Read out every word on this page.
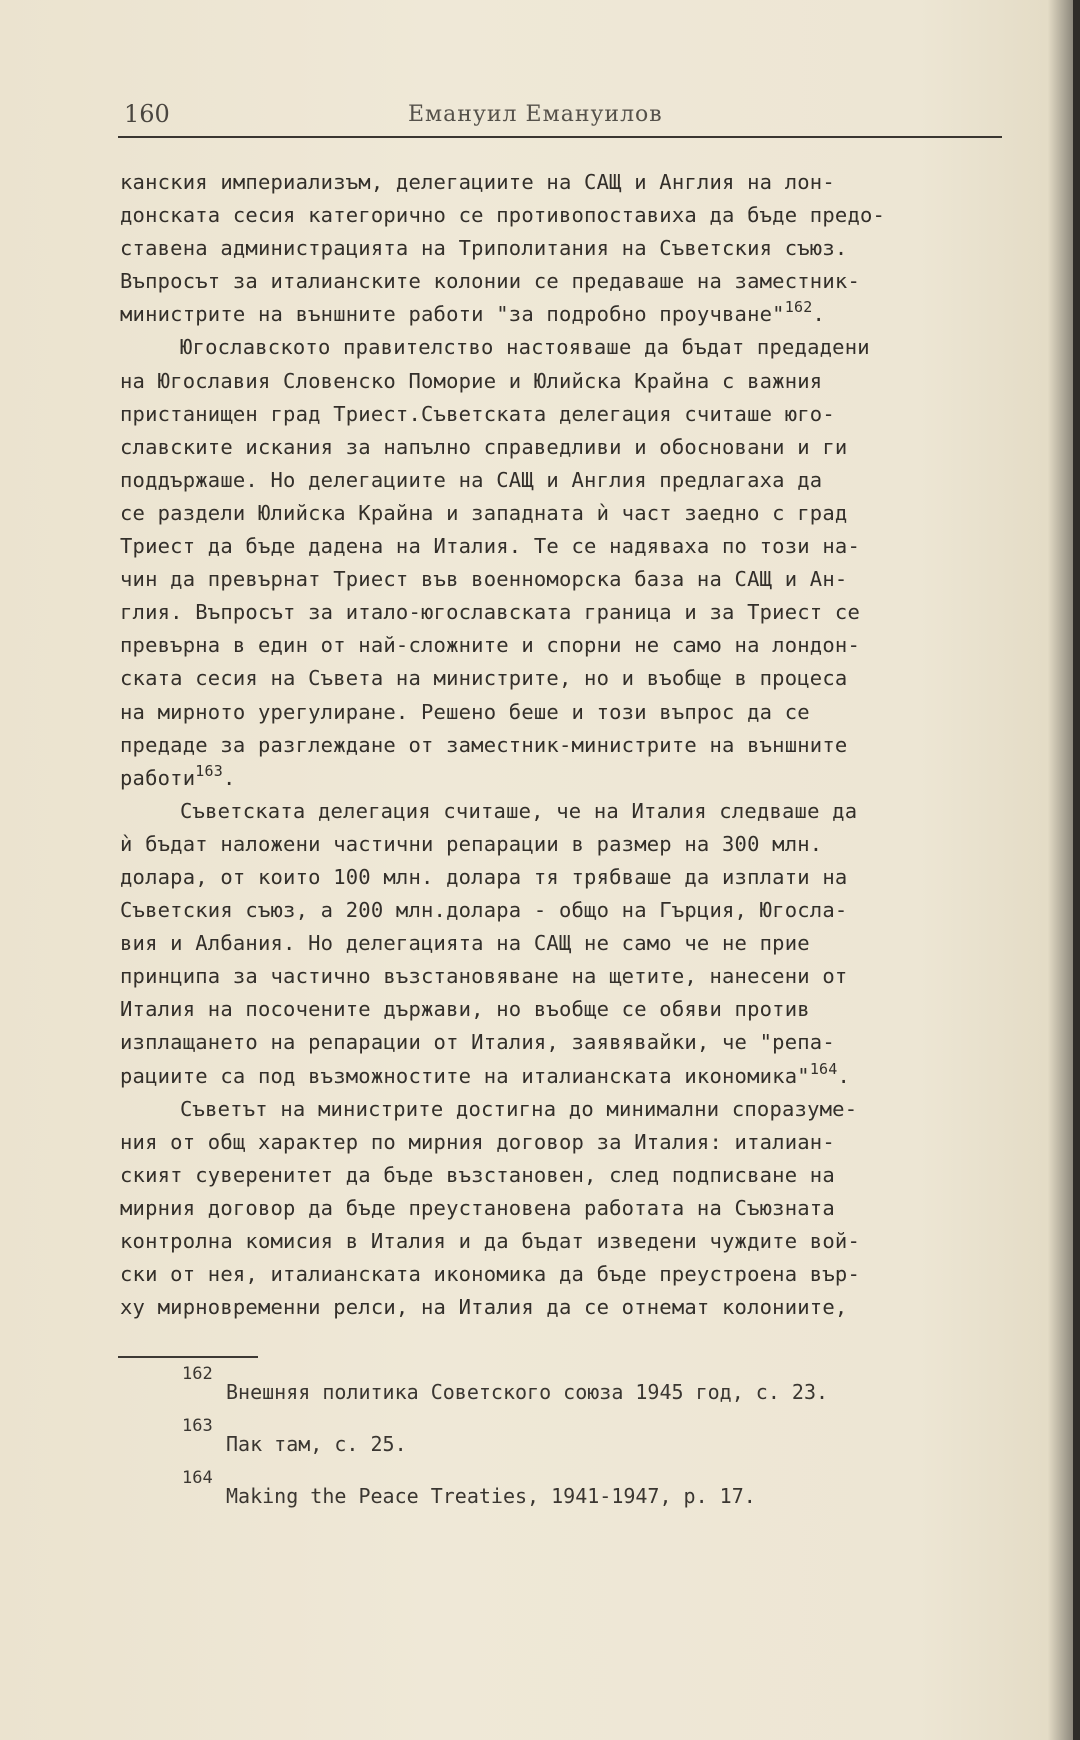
160	Емануил Емануилов
канския империализъм, делегациите на САЩ и Англия на лон-
донската сесия категорично се противопоставиха да бъде предо-
ставена администрацията на Триполитания на Съветския съюз.
Въпросът за италианските колонии се предаваше на заместник-
министрите на външните работи "за подробно проучване"$^{162}$.
Югославското правителство настояваше да бъдат предадени
на Югославия Словенско Поморие и Юлийска Крайна с важния
пристанищен град Триест.Съветската делегация считаше юго-
славските искания за напълно справедливи и обосновани и ги
поддържаше. Но делегациите на САЩ и Англия предлагаха да
се раздели Юлийска Крайна и западната ѝ част заедно с град
Триест да бъде дадена на Италия. Те се надяваха по този на-
чин да превърнат Триест във военноморска база на САЩ и Ан-
глия. Въпросът за итало-югославската граница и за Триест се
превърна в един от най-сложните и спорни не само на лондон-
ската сесия на Съвета на министрите, но и въобще в процеса
на мирното урегулиране. Решено беше и този въпрос да се
предаде за разглеждане от заместник-министрите на външните
работи$^{163}$.
Съветската делегация считаше, че на Италия следваше да
ѝ бъдат наложени частични репарации в размер на 300 млн.
долара, от които 100 млн. долара тя трябваше да изплати на
Съветския съюз, а 200 млн.долара - общо на Гърция, Югосла-
вия и Албания. Но делегацията на САЩ не само че не прие
принципа за частично възстановяване на щетите, нанесени от
Италия на посочените държави, но въобще се обяви против
изплащането на репарации от Италия, заявявайки, че "репа-
рациите са под възможностите на италианската икономика"$^{164}$.
Съветът на министрите достигна до минимални споразуме-
ния от общ характер по мирния договор за Италия: италиан-
ският суверенитет да бъде възстановен, след подписване на
мирния договор да бъде преустановена работата на Съюзната
контролна комисия в Италия и да бъдат изведени чуждите вой-
ски от нея, италианската икономика да бъде преустроена вър-
ху мирновременни релси, на Италия да се отнемат колониите,
162
Внешняя политика Советского союза 1945 год, с. 23.
163
Пак там, с. 25.
164
Making the Peace Treaties, 1941-1947, p. 17.
